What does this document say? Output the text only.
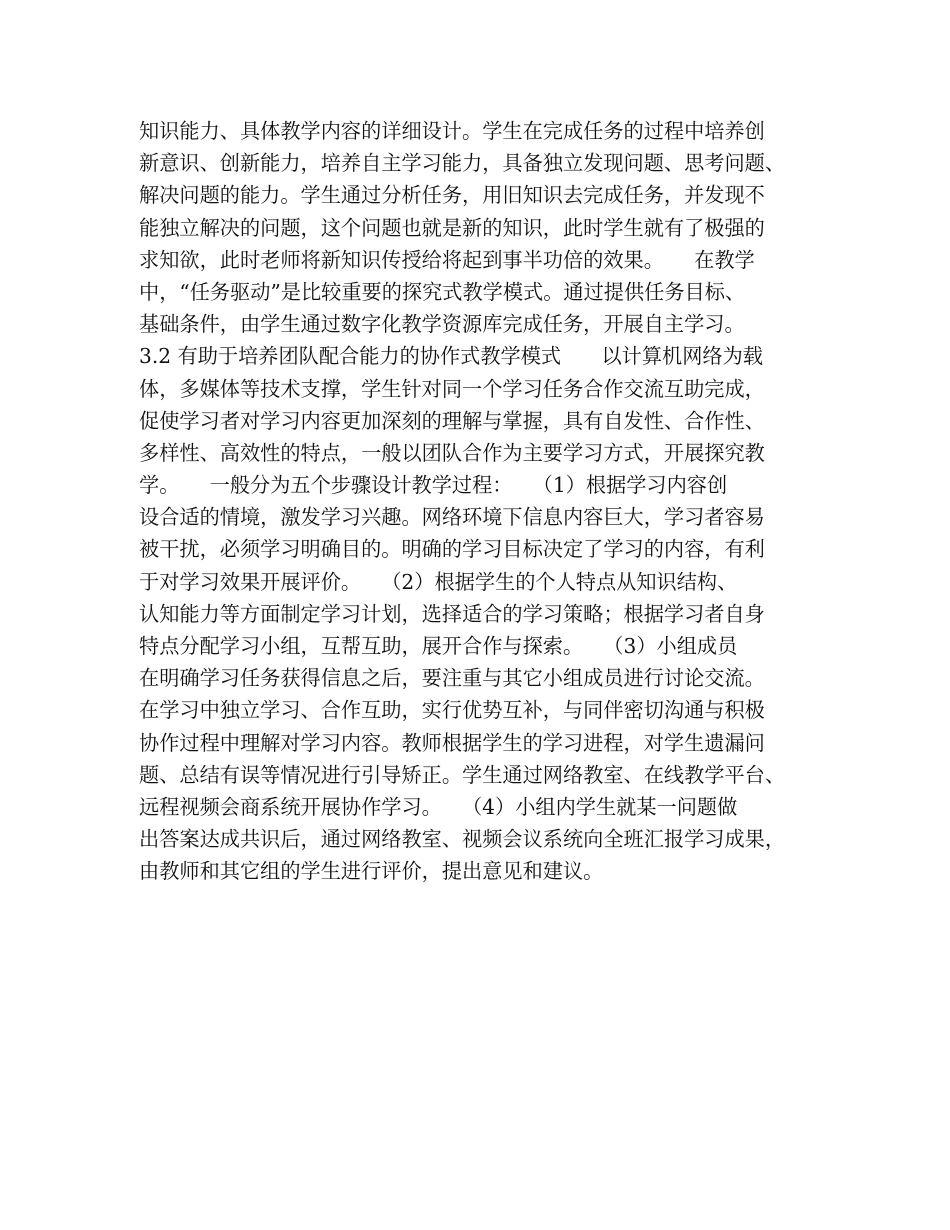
知识能力、具体教学内容的详细设计。学生在完成任务的过程中培养创
新意识、创新能力，培养自主学习能力，具备独立发现问题、思考问题、
解决问题的能力。学生通过分析任务，用旧知识去完成任务，并发现不
能独立解决的问题，这个问题也就是新的知识，此时学生就有了极强的
求知欲，此时老师将新知识传授给将起到事半功倍的效果。　　在教学
中，“任务驱动”是比较重要的探究式教学模式。通过提供任务目标、
基础条件，由学生通过数字化教学资源库完成任务，开展自主学习。
3.2 有助于培养团队配合能力的协作式教学模式　　以计算机网络为载
体，多媒体等技术支撑，学生针对同一个学习任务合作交流互助完成，
促使学习者对学习内容更加深刻的理解与掌握，具有自发性、合作性、
多样性、高效性的特点，一般以团队合作为主要学习方式，开展探究教
学。　　一般分为五个步骤设计教学过程：　　（1）根据学习内容创
设合适的情境，激发学习兴趣。网络环境下信息内容巨大，学习者容易
被干扰，必须学习明确目的。明确的学习目标决定了学习的内容，有利
于对学习效果开展评价。　　（2）根据学生的个人特点从知识结构、
认知能力等方面制定学习计划，选择适合的学习策略；根据学习者自身
特点分配学习小组，互帮互助，展开合作与探索。　　（3）小组成员
在明确学习任务获得信息之后，要注重与其它小组成员进行讨论交流。
在学习中独立学习、合作互助，实行优势互补，与同伴密切沟通与积极
协作过程中理解对学习内容。教师根据学生的学习进程，对学生遗漏问
题、总结有误等情况进行引导矫正。学生通过网络教室、在线教学平台、
远程视频会商系统开展协作学习。　　（4）小组内学生就某一问题做
出答案达成共识后，通过网络教室、视频会议系统向全班汇报学习成果，
由教师和其它组的学生进行评价，提出意见和建议。
